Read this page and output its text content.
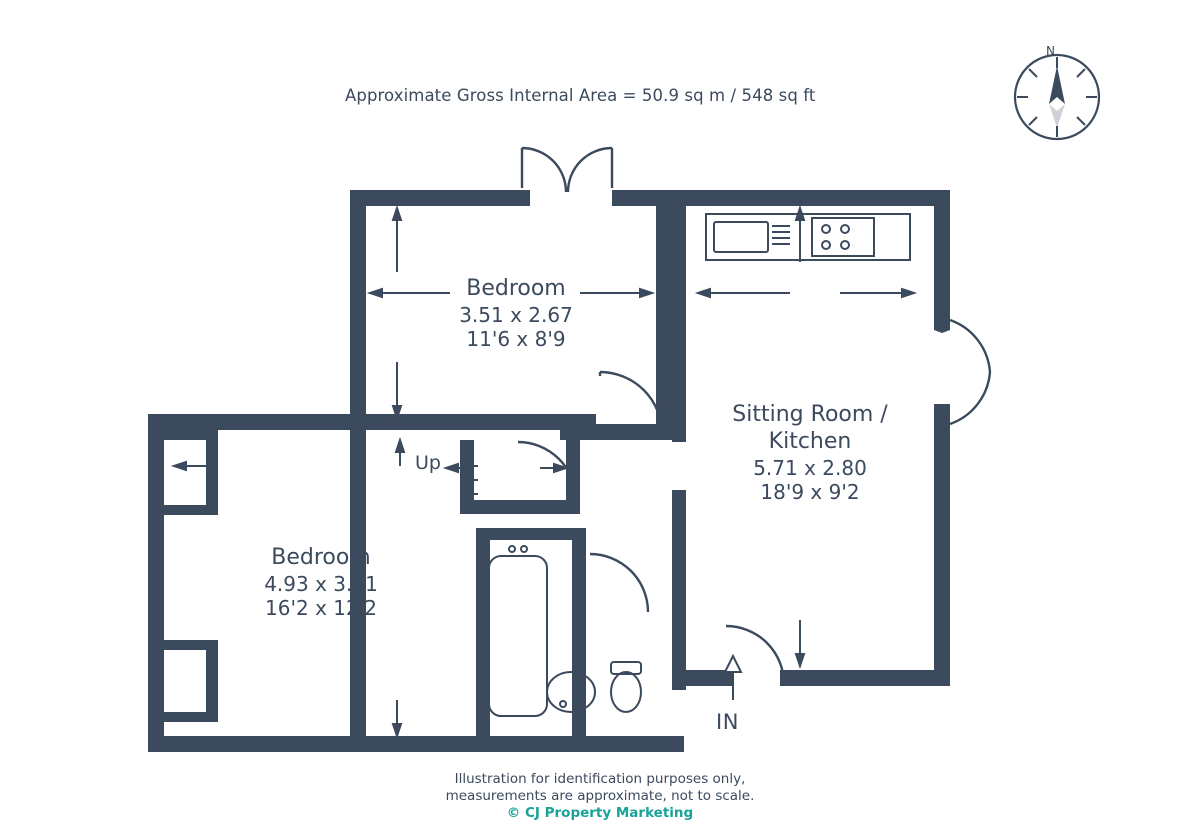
Approximate Gross Internal Area = 50.9 sq m / 548 sq ft
N
Bedroom
3.51 x 2.67
11'6 x 8'9
Bedroom
4.93 x 3.71
16'2 x 12'2
Sitting Room /
Kitchen
5.71 x 2.80
18'9 x 9'2
Up
IN
Illustration for identification purposes only,
measurements are approximate, not to scale.
© CJ Property Marketing
